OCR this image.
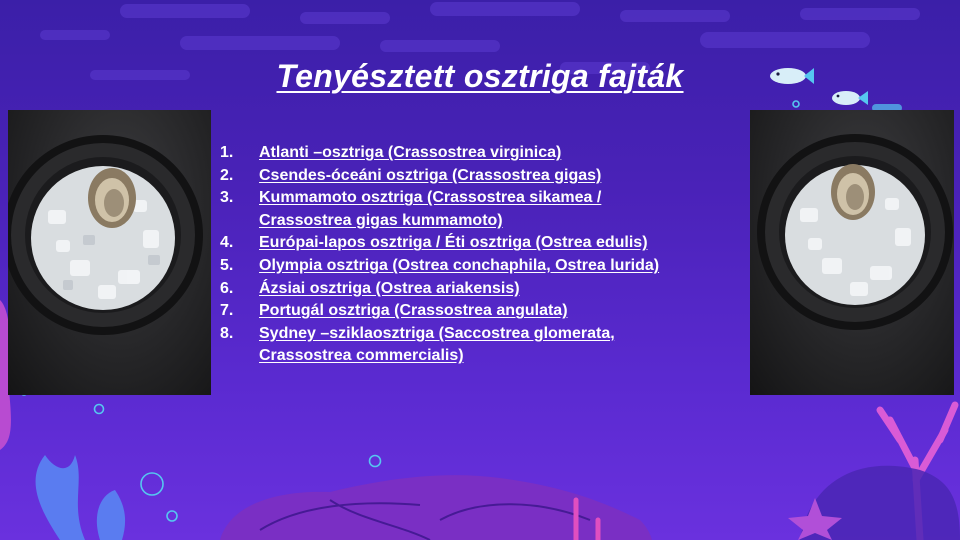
Tenyésztett osztriga fajták
1. Atlanti –osztriga (Crassostrea virginica)
2. Csendes-óceáni osztriga (Crassostrea gigas)
3. Kummamoto osztriga (Crassostrea sikamea / Crassostrea gigas kummamoto)
4. Európai-lapos osztriga / Éti osztriga (Ostrea edulis)
5. Olympia osztriga (Ostrea conchaphila, Ostrea lurida)
6. Ázsiai osztriga (Ostrea ariakensis)
7. Portugál osztriga (Crassostrea angulata)
8. Sydney –sziklaosztriga (Saccostrea glomerata, Crassostrea commercialis)
